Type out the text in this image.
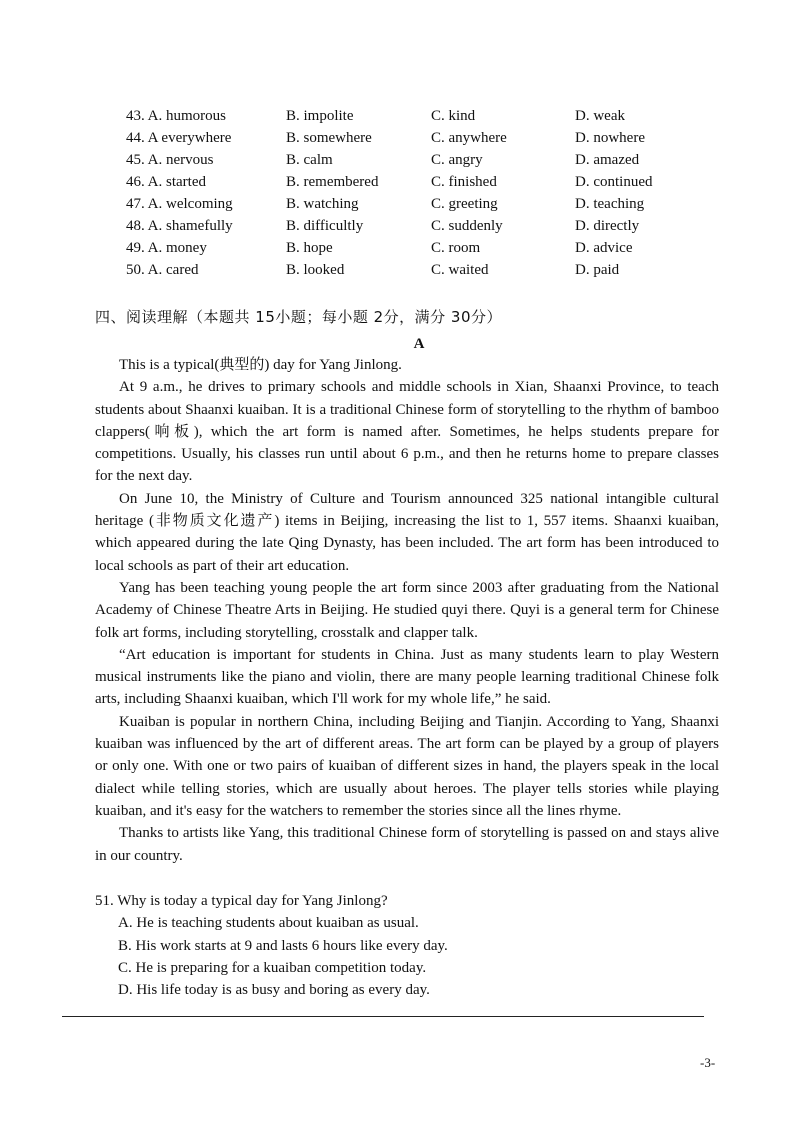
43. A. humorous	B. impolite	C. kind	D. weak
44. A everywhere	B. somewhere	C. anywhere	D. nowhere
45. A. nervous	B. calm	C. angry	D. amazed
46. A. started	B. remembered	C. finished	D. continued
47. A. welcoming	B. watching	C. greeting	D. teaching
48. A. shamefully	B. difficultly	C. suddenly	D. directly
49. A. money	B. hope	C. room	D. advice
50. A. cared	B. looked	C. waited	D. paid
四、阅读理解（本题共 15小题；每小题 2分，满分 30分）
A

This is a typical(典型的) day for Yang Jinlong.

At 9 a.m., he drives to primary schools and middle schools in Xian, Shaanxi Province, to teach students about Shaanxi kuaiban. It is a traditional Chinese form of storytelling to the rhythm of bamboo clappers(响板), which the art form is named after. Sometimes, he helps students prepare for competitions. Usually, his classes run until about 6 p.m., and then he returns home to prepare classes for the next day.

On June 10, the Ministry of Culture and Tourism announced 325 national intangible cultural heritage (非物质文化遗产) items in Beijing, increasing the list to 1, 557 items. Shaanxi kuaiban, which appeared during the late Qing Dynasty, has been included. The art form has been introduced to local schools as part of their art education.

Yang has been teaching young people the art form since 2003 after graduating from the National Academy of Chinese Theatre Arts in Beijing. He studied quyi there. Quyi is a general term for Chinese folk art forms, including storytelling, crosstalk and clapper talk.

“Art education is important for students in China. Just as many students learn to play Western musical instruments like the piano and violin, there are many people learning traditional Chinese folk arts, including Shaanxi kuaiban, which I'll work for my whole life,” he said.

Kuaiban is popular in northern China, including Beijing and Tianjin. According to Yang, Shaanxi kuaiban was influenced by the art of different areas. The art form can be played by a group of players or only one. With one or two pairs of kuaiban of different sizes in hand, the players speak in the local dialect while telling stories, which are usually about heroes. The player tells stories while playing kuaiban, and it's easy for the watchers to remember the stories since all the lines rhyme.

Thanks to artists like Yang, this traditional Chinese form of storytelling is passed on and stays alive in our country.

51. Why is today a typical day for Yang Jinlong?

A. He is teaching students about kuaiban as usual.

B. His work starts at 9 and lasts 6 hours like every day.

C. He is preparing for a kuaiban competition today.

D. His life today is as busy and boring as every day.

-3-
